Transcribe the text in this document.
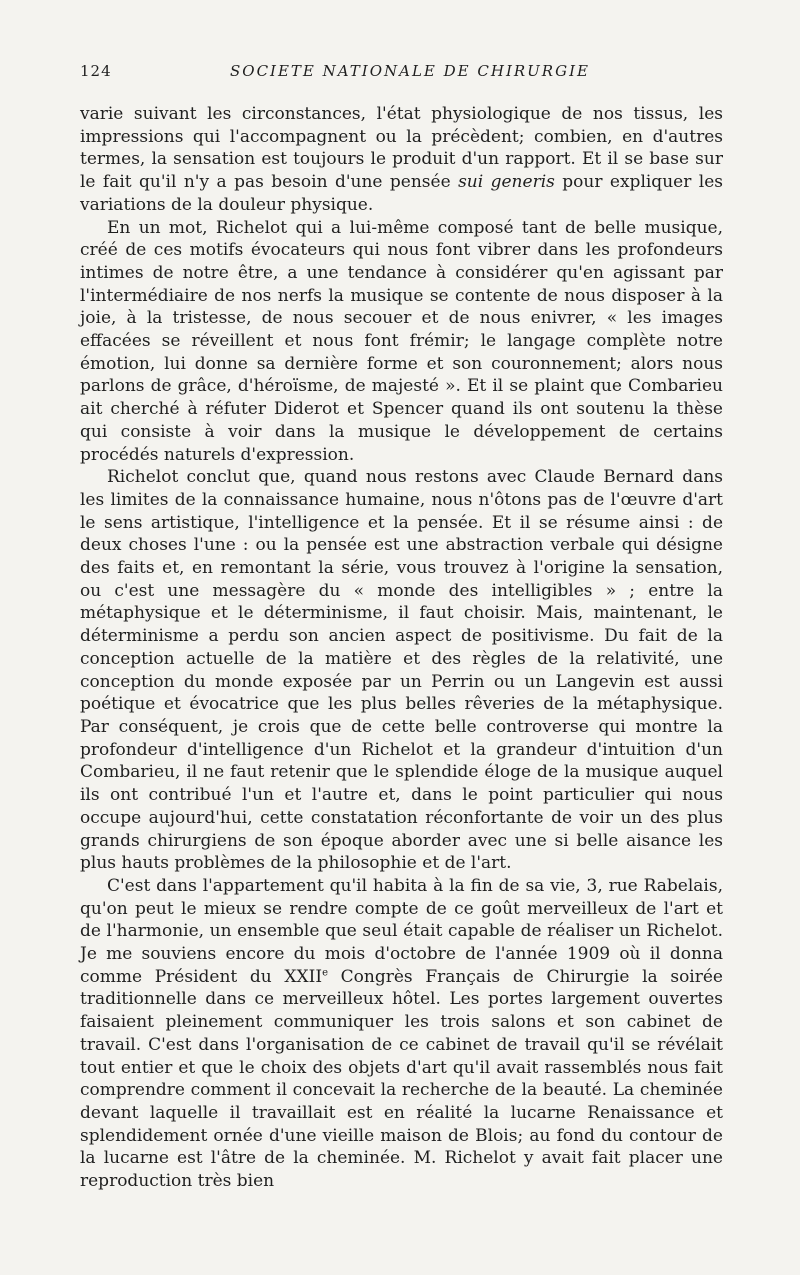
124	SOCIETE NATIONALE DE CHIRURGIE

varie suivant les circonstances, l'état physiologique de nos tissus, les impressions qui l'accompagnent ou la précèdent; combien, en d'autres termes, la sensation est toujours le produit d'un rapport. Et il se base sur le fait qu'il n'y a pas besoin d'une pensée sui generis pour expliquer les variations de la douleur physique.

En un mot, Richelot qui a lui-même composé tant de belle musique, créé de ces motifs évocateurs qui nous font vibrer dans les profondeurs intimes de notre être, a une tendance à considérer qu'en agissant par l'intermédiaire de nos nerfs la musique se contente de nous disposer à la joie, à la tristesse, de nous secouer et de nous enivrer, « les images effacées se réveillent et nous font frémir; le langage complète notre émotion, lui donne sa dernière forme et son couronnement; alors nous parlons de grâce, d'héroïsme, de majesté ». Et il se plaint que Combarieu ait cherché à réfuter Diderot et Spencer quand ils ont soutenu la thèse qui consiste à voir dans la musique le développement de certains procédés naturels d'expression.

Richelot conclut que, quand nous restons avec Claude Bernard dans les limites de la connaissance humaine, nous n'ôtons pas de l'œuvre d'art le sens artistique, l'intelligence et la pensée. Et il se résume ainsi : de deux choses l'une : ou la pensée est une abstraction verbale qui désigne des faits et, en remontant la série, vous trouvez à l'origine la sensation, ou c'est une messagère du « monde des intelligibles » ; entre la métaphysique et le déterminisme, il faut choisir. Mais, maintenant, le déterminisme a perdu son ancien aspect de positivisme. Du fait de la conception actuelle de la matière et des règles de la relativité, une conception du monde exposée par un Perrin ou un Langevin est aussi poétique et évocatrice que les plus belles rêveries de la métaphysique. Par conséquent, je crois que de cette belle controverse qui montre la profondeur d'intelligence d'un Richelot et la grandeur d'intuition d'un Combarieu, il ne faut retenir que le splendide éloge de la musique auquel ils ont contribué l'un et l'autre et, dans le point particulier qui nous occupe aujourd'hui, cette constatation réconfortante de voir un des plus grands chirurgiens de son époque aborder avec une si belle aisance les plus hauts problèmes de la philosophie et de l'art.

C'est dans l'appartement qu'il habita à la fin de sa vie, 3, rue Rabelais, qu'on peut le mieux se rendre compte de ce goût merveilleux de l'art et de l'harmonie, un ensemble que seul était capable de réaliser un Richelot. Je me souviens encore du mois d'octobre de l'année 1909 où il donna comme Président du XXIIe Congrès Français de Chirurgie la soirée traditionnelle dans ce merveilleux hôtel. Les portes largement ouvertes faisaient pleinement communiquer les trois salons et son cabinet de travail. C'est dans l'organisation de ce cabinet de travail qu'il se révélait tout entier et que le choix des objets d'art qu'il avait rassemblés nous fait comprendre comment il concevait la recherche de la beauté. La cheminée devant laquelle il travaillait est en réalité la lucarne Renaissance et splendidement ornée d'une vieille maison de Blois; au fond du contour de la lucarne est l'âtre de la cheminée. M. Richelot y avait fait placer une reproduction très bien
